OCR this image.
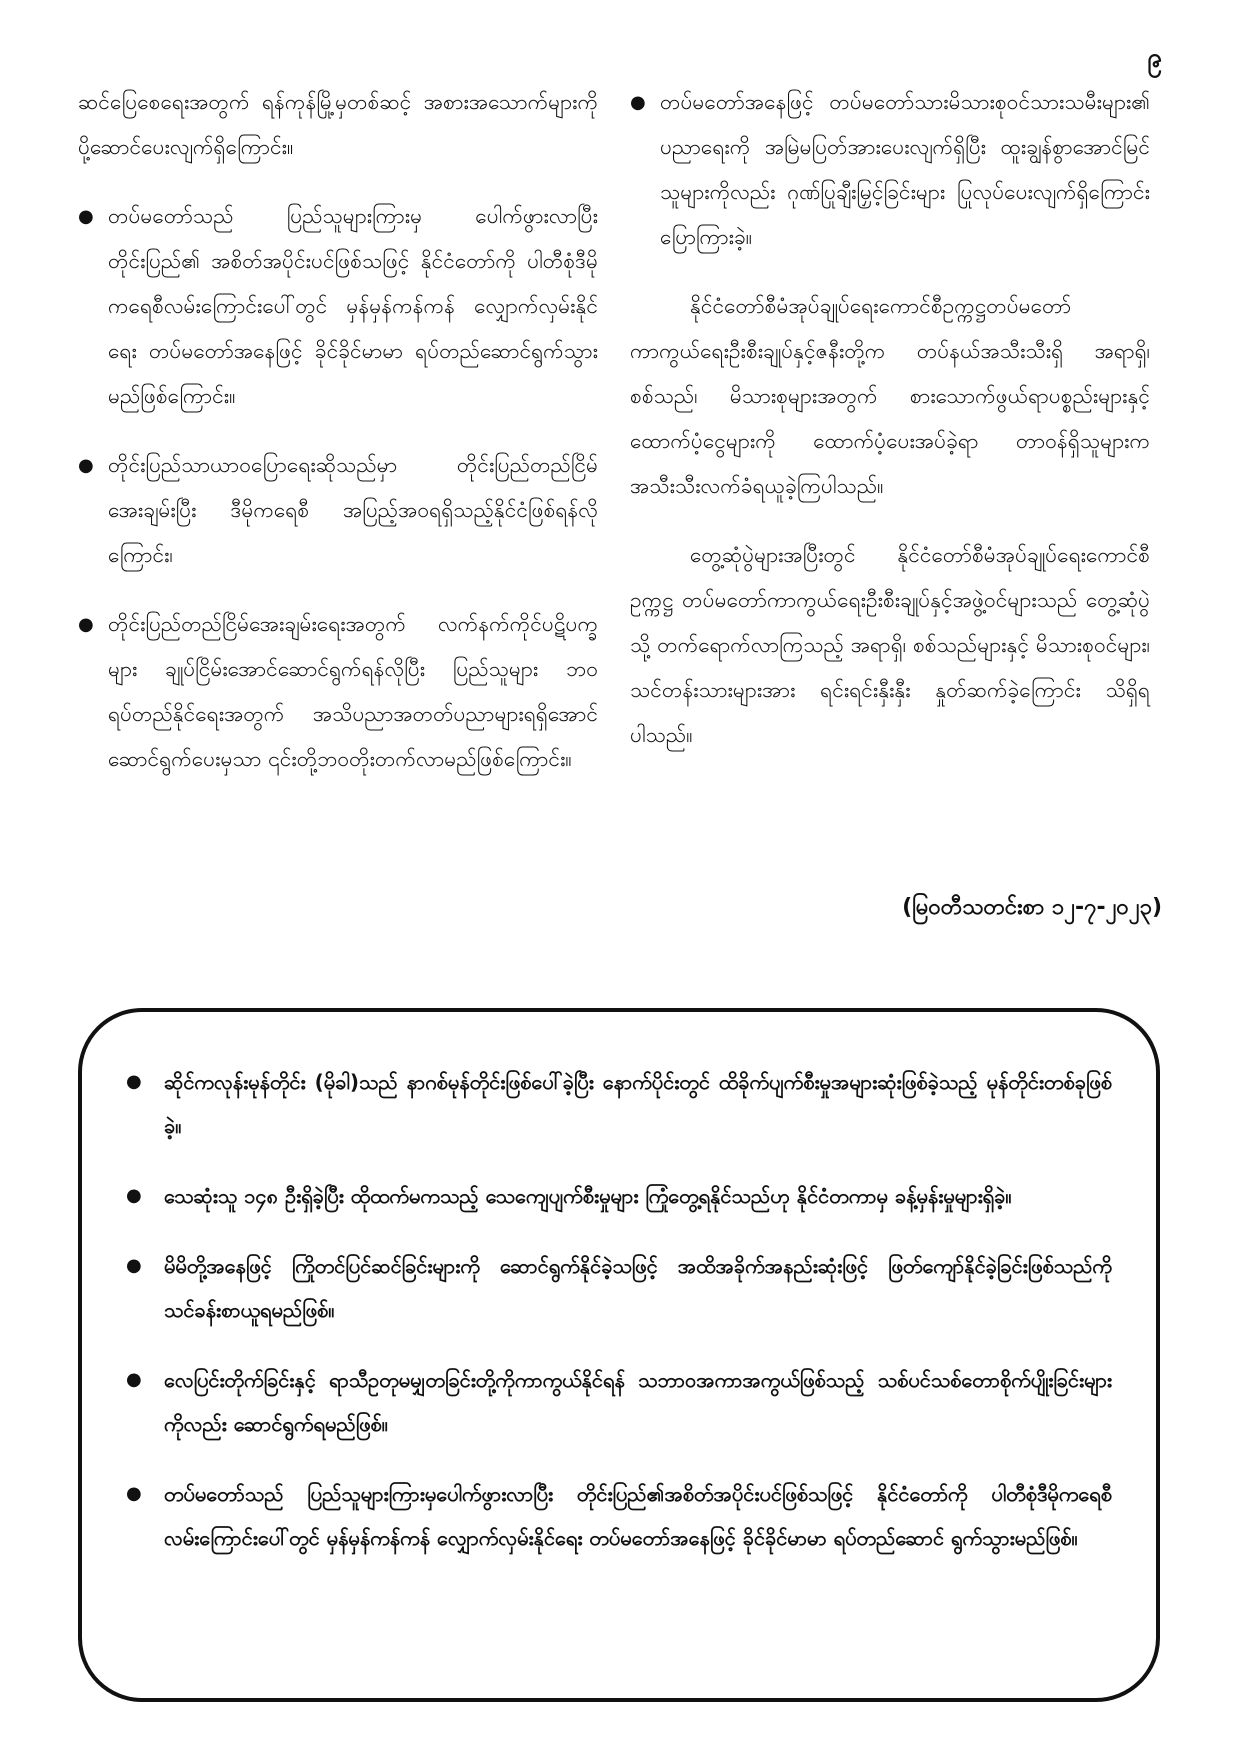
၉

ဆင်ပြေစေရေးအတွက် ရန်ကုန်မြို့မှတစ်ဆင့် အစားအသောက်များကို ပို့ဆောင်ပေးလျက်ရှိကြောင်း။

● တပ်မတော်သည် ပြည်သူများကြားမှ ပေါက်ဖွားလာပြီး တိုင်းပြည်၏ အစိတ်အပိုင်းပင်ဖြစ်သဖြင့် နိုင်ငံတော်ကို ပါတီစုံဒီမိုကရေစီလမ်းကြောင်းပေါ်တွင် မှန်မှန်ကန်ကန် လျှောက်လှမ်းနိုင်ရေး တပ်မတော်အနေဖြင့် ခိုင်ခိုင်မာမာ ရပ်တည်ဆောင်ရွက်သွားမည်ဖြစ်ကြောင်း။
● တိုင်းပြည်သာယာဝပြောရေးဆိုသည်မှာ တိုင်းပြည်တည်ငြိမ်အေးချမ်းပြီး ဒီမိုကရေစီ အပြည့်အဝရရှိသည့်နိုင်ငံဖြစ်ရန်လိုကြောင်း၊
● တိုင်းပြည်တည်ငြိမ်အေးချမ်းရေးအတွက် လက်နက်ကိုင်ပဋိပက္ခများ ချုပ်ငြိမ်းအောင်ဆောင်ရွက်ရန်လိုပြီး ပြည်သူများ ဘဝရပ်တည်နိုင်ရေးအတွက် အသိပညာအတတ်ပညာများရရှိအောင် ဆောင်ရွက်ပေးမှသာ ၎င်းတို့ဘဝတိုးတက်လာမည်ဖြစ်ကြောင်း။
● တပ်မတော်အနေဖြင့် တပ်မတော်သားမိသားစုဝင်သားသမီးများ၏ ပညာရေးကို အမြဲမပြတ်အားပေးလျက်ရှိပြီး ထူးချွန်စွာအောင်မြင်သူများကိုလည်း ဂုဏ်ပြုချီးမြှင့်ခြင်းများ ပြုလုပ်ပေးလျက်ရှိကြောင်း ပြောကြားခဲ့။

နိုင်ငံတော်စီမံအုပ်ချုပ်ရေးကောင်စီဥက္ကဋ္ဌတပ်မတော်ကာကွယ်ရေးဦးစီးချုပ်နှင့်ဇနီးတို့က တပ်နယ်အသီးသီးရှိ အရာရှိ၊ စစ်သည်၊ မိသားစုများအတွက် စားသောက်ဖွယ်ရာပစ္စည်းများနှင့် ထောက်ပံ့ငွေများကို ထောက်ပံ့ပေးအပ်ခဲ့ရာ တာဝန်ရှိသူများက အသီးသီးလက်ခံရယူခဲ့ကြပါသည်။

တွေ့ဆုံပွဲများအပြီးတွင် နိုင်ငံတော်စီမံအုပ်ချုပ်ရေးကောင်စီဥက္ကဋ္ဌ တပ်မတော်ကာကွယ်ရေးဦးစီးချုပ်နှင့်အဖွဲ့ဝင်များသည် တွေ့ဆုံပွဲသို့ တက်ရောက်လာကြသည့် အရာရှိ၊ စစ်သည်များနှင့် မိသားစုဝင်များ၊ သင်တန်းသားများအား ရင်းရင်းနှီးနှီး နှုတ်ဆက်ခဲ့ကြောင်း သိရှိရပါသည်။

(မြဝတီသတင်းစာ ၁၂-၇-၂၀၂၃)
● ဆိုင်ကလုန်းမုန်တိုင်း (မိုခါ)သည် နာဂစ်မုန်တိုင်းဖြစ်ပေါ်ခဲ့ပြီး နောက်ပိုင်းတွင် ထိခိုက်ပျက်စီးမှုအများဆုံးဖြစ်ခဲ့သည့် မုန်တိုင်းတစ်ခုဖြစ်ခဲ့။
● သေဆုံးသူ ၁၄၈ ဦးရှိခဲ့ပြီး ထိုထက်မကသည့် သေကျေပျက်စီးမှုများ ကြုံတွေ့ရနိုင်သည်ဟု နိုင်ငံတကာမှ ခန့်မှန်းမှုများရှိခဲ့။
● မိမိတို့အနေဖြင့် ကြိုတင်ပြင်ဆင်ခြင်းများကို ဆောင်ရွက်နိုင်ခဲ့သဖြင့် အထိအခိုက်အနည်းဆုံးဖြင့် ဖြတ်ကျော်နိုင်ခဲ့ခြင်းဖြစ်သည်ကို သင်ခန်းစာယူရမည်ဖြစ်။
● လေပြင်းတိုက်ခြင်းနှင့် ရာသီဥတုမမျှတခြင်းတို့ကိုကာကွယ်နိုင်ရန် သဘာဝအကာအကွယ်ဖြစ်သည့် သစ်ပင်သစ်တောစိုက်ပျိုးခြင်းများကိုလည်း ဆောင်ရွက်ရမည်ဖြစ်။
● တပ်မတော်သည် ပြည်သူများကြားမှပေါက်ဖွားလာပြီး တိုင်းပြည်၏အစိတ်အပိုင်းပင်ဖြစ်သဖြင့် နိုင်ငံတော်ကို ပါတီစုံဒီမိုကရေစီလမ်းကြောင်းပေါ်တွင် မှန်မှန်ကန်ကန် လျှောက်လှမ်းနိုင်ရေး တပ်မတော်အနေဖြင့် ခိုင်ခိုင်မာမာ ရပ်တည်ဆောင် ရွက်သွားမည်ဖြစ်။
